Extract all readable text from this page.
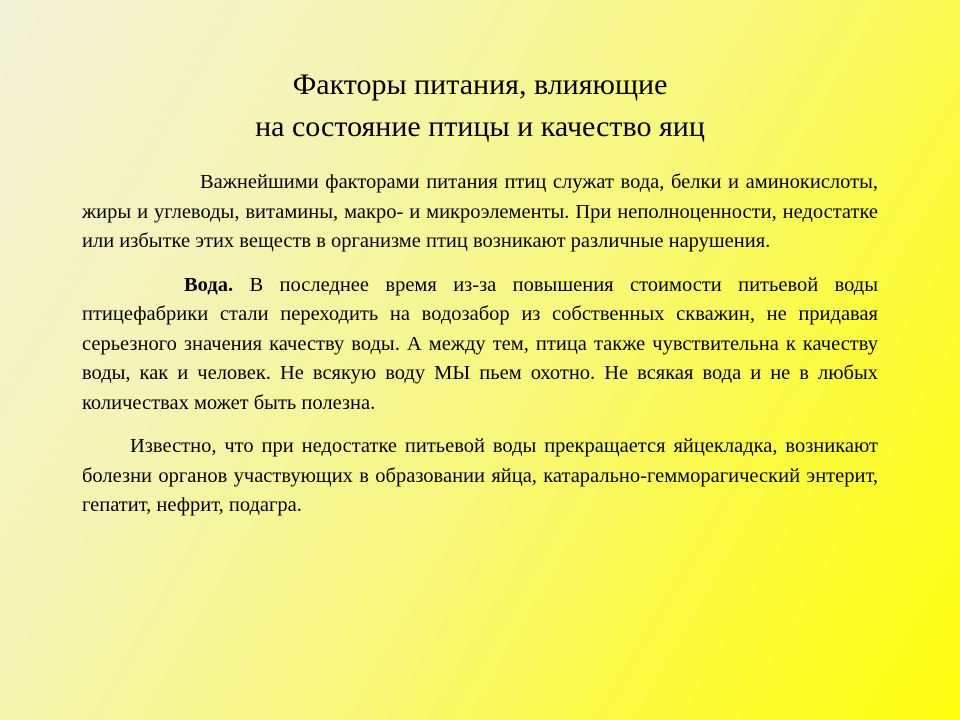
Факторы питания, влияющие
на состояние птицы и качество яиц

Важнейшими факторами питания птиц служат вода, белки и аминокислоты, жиры и углеводы, витамины, макро- и микроэлементы. При неполноценности, недостатке или избытке этих веществ в организме птиц возникают различные нарушения.

Вода. В последнее время из-за повышения стоимости питьевой воды птицефабрики стали переходить на водозабор из собственных скважин, не придавая серьезного значения качеству воды. А между тем, птица также чувствительна к качеству воды, как и человек. Не всякую воду МЫ пьем охотно. Не всякая вода и не в любых количествах может быть полезна.

Известно, что при недостатке питьевой воды прекращается яйцекладка, возникают болезни органов участвующих в образовании яйца, катарально-гемморагический энтерит, гепатит, нефрит, подагра.
